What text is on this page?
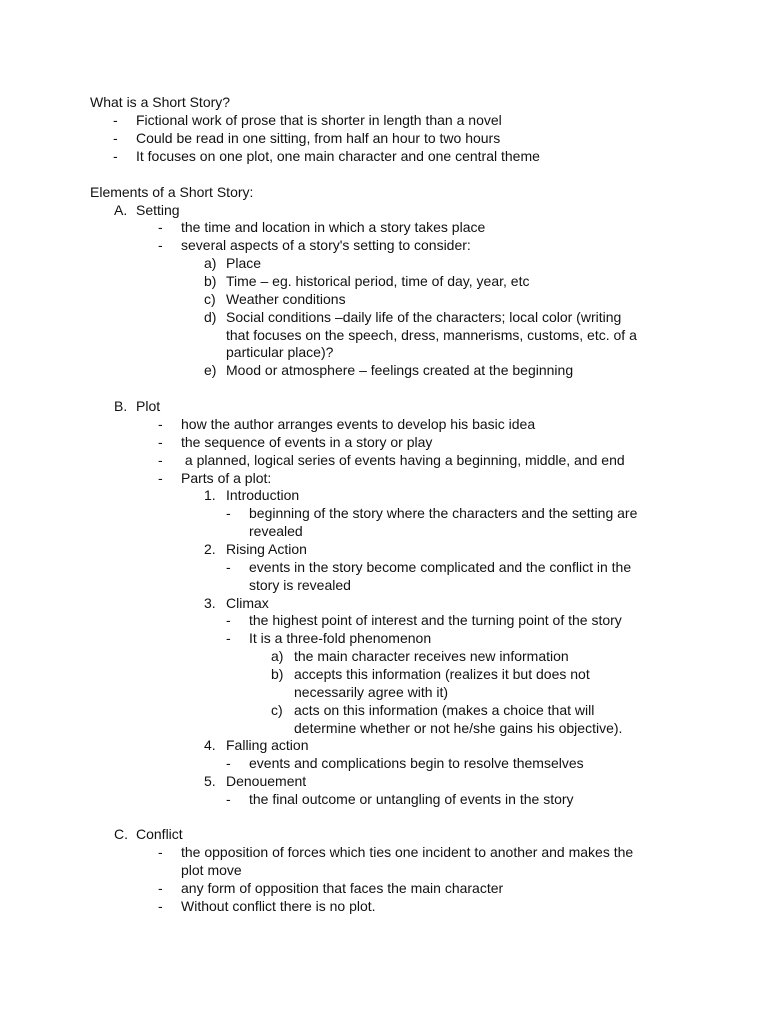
What is a Short Story?
- Fictional work of prose that is shorter in length than a novel
- Could be read in one sitting, from half an hour to two hours
- It focuses on one plot, one main character and one central theme
Elements of a Short Story:
A. Setting
- the time and location in which a story takes place
- several aspects of a story's setting to consider:
a) Place
b) Time – eg. historical period, time of day, year, etc
c) Weather conditions
d) Social conditions –daily life of the characters; local color (writing
that focuses on the speech, dress, mannerisms, customs, etc. of a
particular place)?
e) Mood or atmosphere – feelings created at the beginning
B. Plot
- how the author arranges events to develop his basic idea
- the sequence of events in a story or play
- a planned, logical series of events having a beginning, middle, and end
- Parts of a plot:
1. Introduction
- beginning of the story where the characters and the setting are
revealed
2. Rising Action
- events in the story become complicated and the conflict in the
story is revealed
3. Climax
- the highest point of interest and the turning point of the story
- It is a three-fold phenomenon
a) the main character receives new information
b) accepts this information (realizes it but does not
necessarily agree with it)
c) acts on this information (makes a choice that will
determine whether or not he/she gains his objective).
4. Falling action
- events and complications begin to resolve themselves
5. Denouement
- the final outcome or untangling of events in the story
C. Conflict
- the opposition of forces which ties one incident to another and makes the
plot move
- any form of opposition that faces the main character
- Without conflict there is no plot.
